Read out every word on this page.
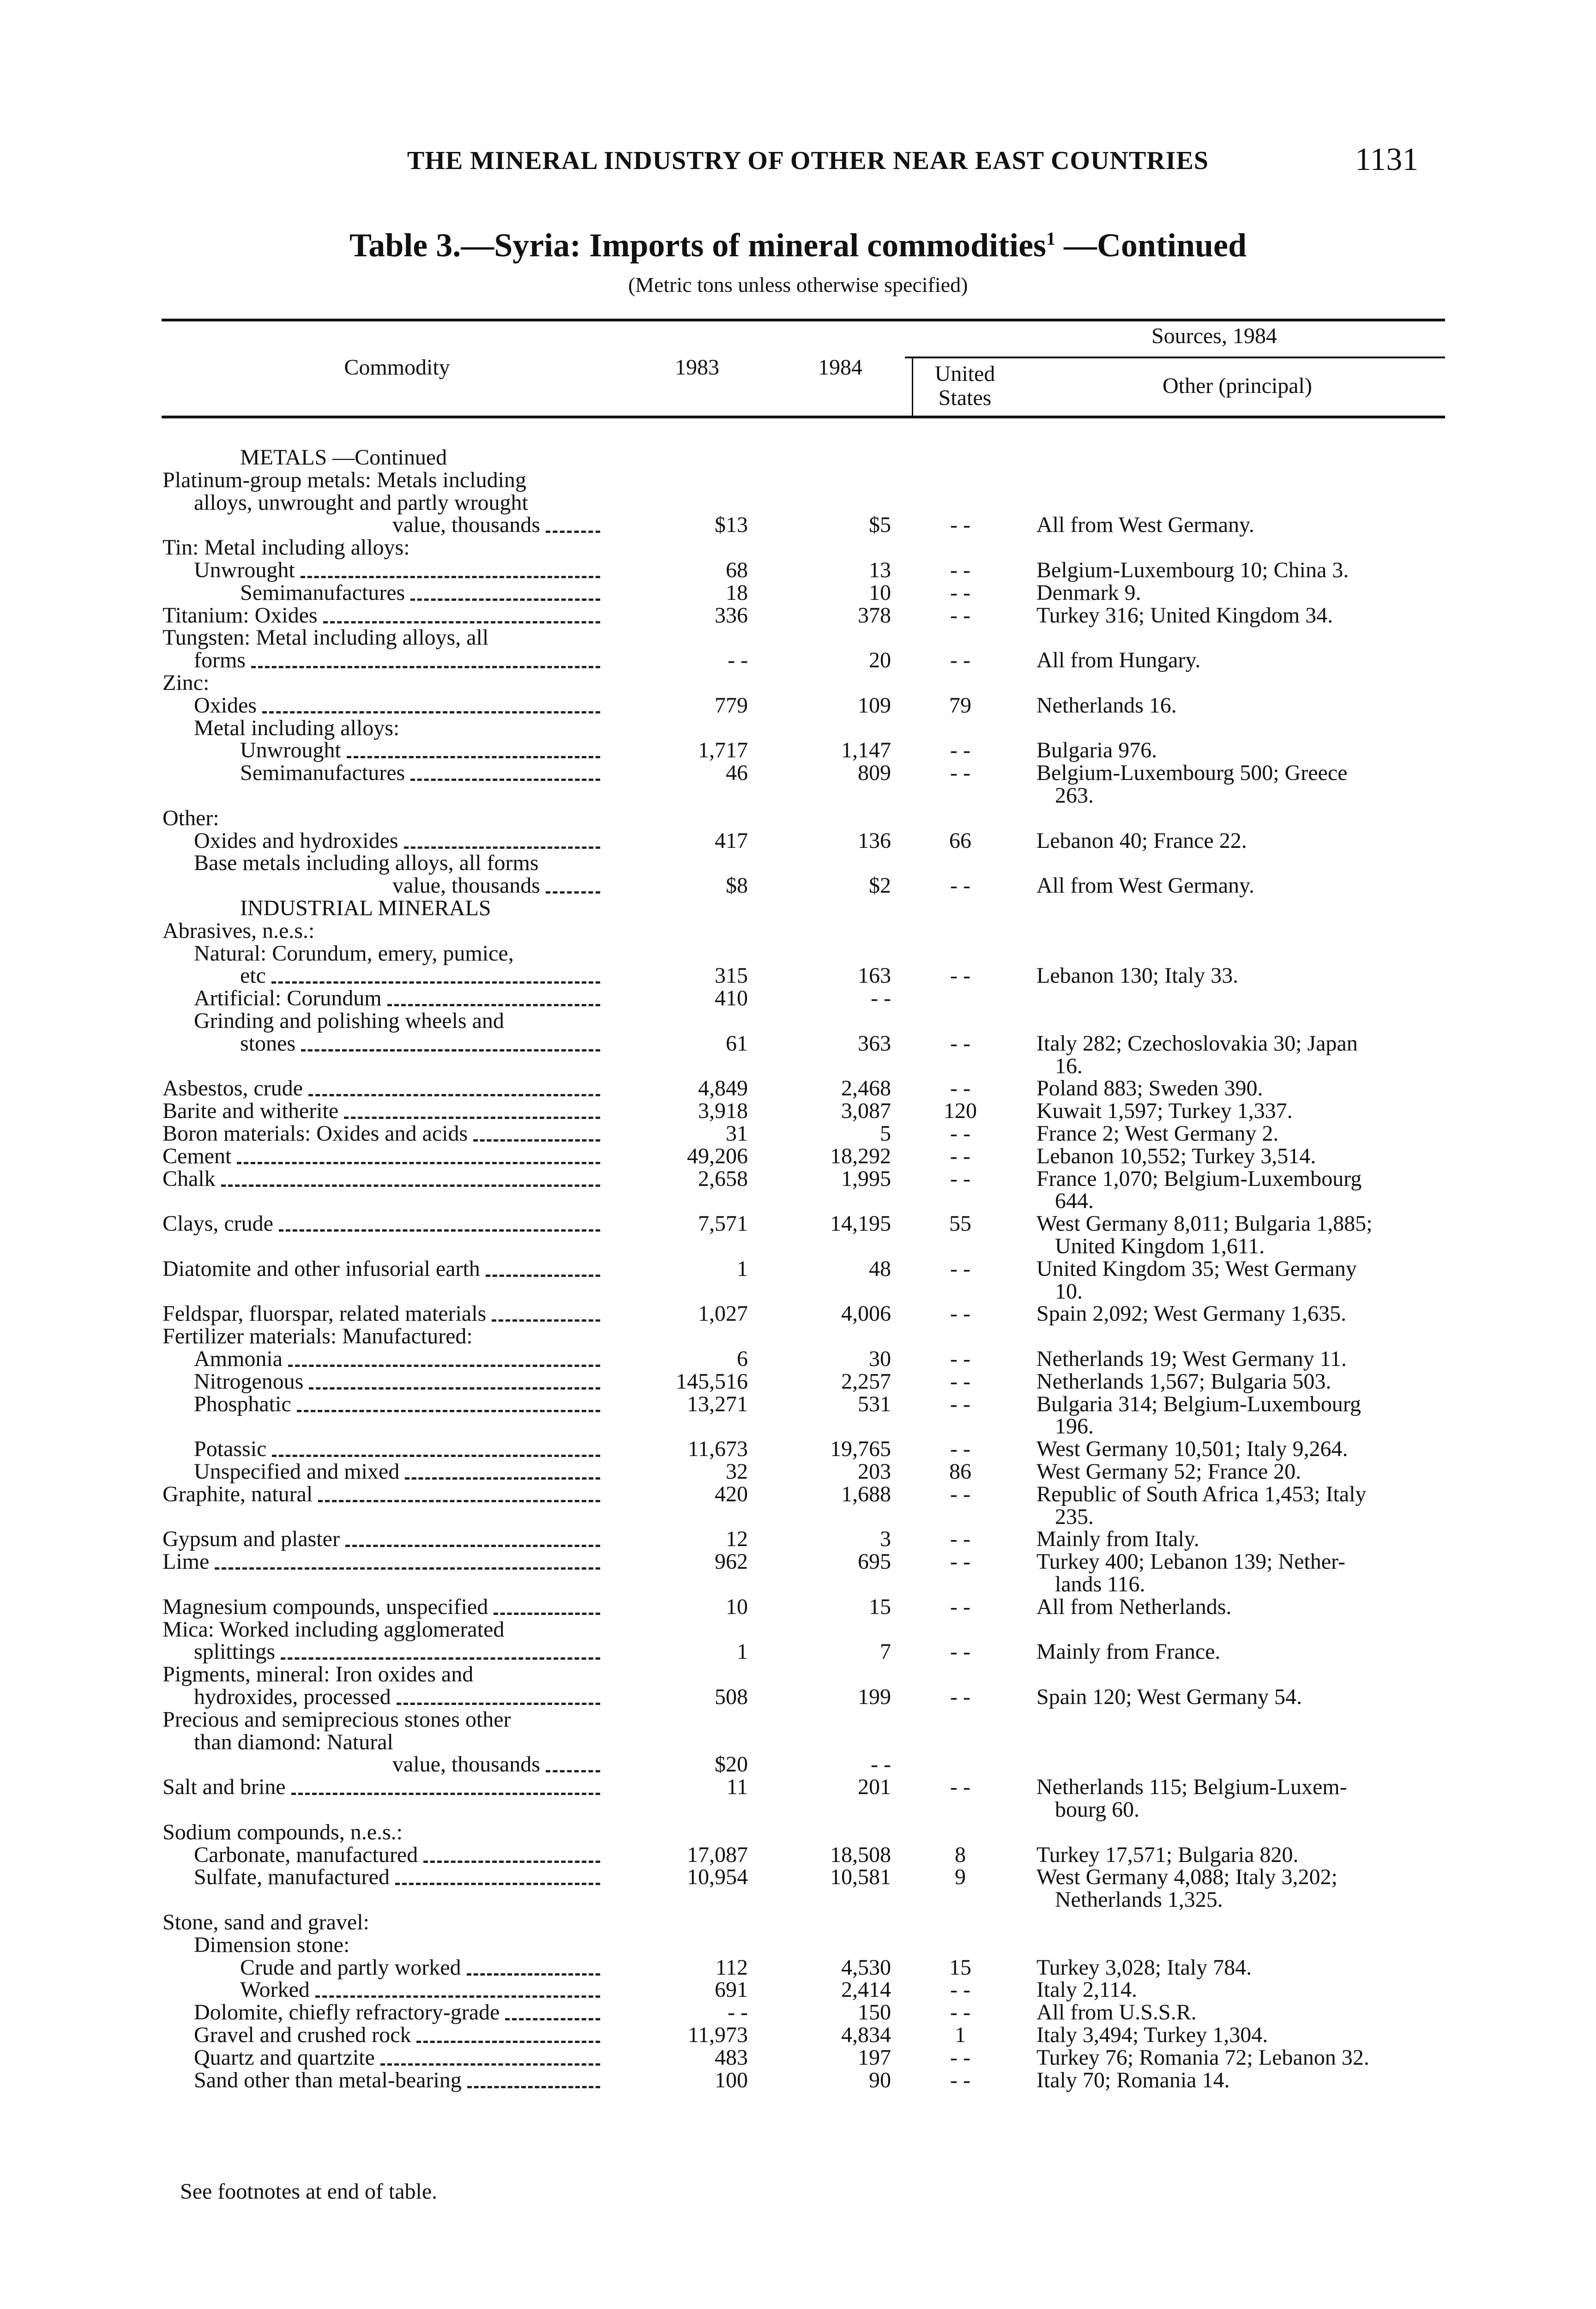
THE MINERAL INDUSTRY OF OTHER NEAR EAST COUNTRIES	1131
Table 3.—Syria: Imports of mineral commodities$^1$ —Continued
(Metric tons unless otherwise specified)
Commodity	1983	1984
Sources, 1984
United
States	Other (principal)
METALS —Continued
Platinum-group metals: Metals including
alloys, unwrought and partly wrought
value, thousands	$13	$5	- -	All from West Germany.
Tin: Metal including alloys:
Unwrought	68	13	- -	Belgium-Luxembourg 10; China 3.
Semimanufactures	18	10	- -	Denmark 9.
Titanium: Oxides	336	378	- -	Turkey 316; United Kingdom 34.
Tungsten: Metal including alloys, all
forms	- -	20	- -	All from Hungary.
Zinc:
Oxides	779	109	79	Netherlands 16.
Metal including alloys:
Unwrought	1,717	1,147	- -	Bulgaria 976.
Semimanufactures	46	809	- -	Belgium-Luxembourg 500; Greece
263.
Other:
Oxides and hydroxides	417	136	66	Lebanon 40; France 22.
Base metals including alloys, all forms
value, thousands	$8	$2	- -	All from West Germany.
INDUSTRIAL MINERALS
Abrasives, n.e.s.:
Natural: Corundum, emery, pumice,
etc	315	163	- -	Lebanon 130; Italy 33.
Artificial: Corundum	410	- -
Grinding and polishing wheels and
stones	61	363	- -	Italy 282; Czechoslovakia 30; Japan
16.
Asbestos, crude	4,849	2,468	- -	Poland 883; Sweden 390.
Barite and witherite	3,918	3,087	120	Kuwait 1,597; Turkey 1,337.
Boron materials: Oxides and acids	31	5	- -	France 2; West Germany 2.
Cement	49,206	18,292	- -	Lebanon 10,552; Turkey 3,514.
Chalk	2,658	1,995	- -	France 1,070; Belgium-Luxembourg
644.
Clays, crude	7,571	14,195	55	West Germany 8,011; Bulgaria 1,885;
United Kingdom 1,611.
Diatomite and other infusorial earth	1	48	- -	United Kingdom 35; West Germany
10.
Feldspar, fluorspar, related materials	1,027	4,006	- -	Spain 2,092; West Germany 1,635.
Fertilizer materials: Manufactured:
Ammonia	6	30	- -	Netherlands 19; West Germany 11.
Nitrogenous	145,516	2,257	- -	Netherlands 1,567; Bulgaria 503.
Phosphatic	13,271	531	- -	Bulgaria 314; Belgium-Luxembourg
196.
Potassic	11,673	19,765	- -	West Germany 10,501; Italy 9,264.
Unspecified and mixed	32	203	86	West Germany 52; France 20.
Graphite, natural	420	1,688	- -	Republic of South Africa 1,453; Italy
235.
Gypsum and plaster	12	3	- -	Mainly from Italy.
Lime	962	695	- -	Turkey 400; Lebanon 139; Nether-
lands 116.
Magnesium compounds, unspecified	10	15	- -	All from Netherlands.
Mica: Worked including agglomerated
splittings	1	7	- -	Mainly from France.
Pigments, mineral: Iron oxides and
hydroxides, processed	508	199	- -	Spain 120; West Germany 54.
Precious and semiprecious stones other
than diamond: Natural
value, thousands	$20	- -
Salt and brine	11	201	- -	Netherlands 115; Belgium-Luxem-
bourg 60.
Sodium compounds, n.e.s.:
Carbonate, manufactured	17,087	18,508	8	Turkey 17,571; Bulgaria 820.
Sulfate, manufactured	10,954	10,581	9	West Germany 4,088; Italy 3,202;
Netherlands 1,325.
Stone, sand and gravel:
Dimension stone:
Crude and partly worked	112	4,530	15	Turkey 3,028; Italy 784.
Worked	691	2,414	- -	Italy 2,114.
Dolomite, chiefly refractory-grade	- -	150	- -	All from U.S.S.R.
Gravel and crushed rock	11,973	4,834	1	Italy 3,494; Turkey 1,304.
Quartz and quartzite	483	197	- -	Turkey 76; Romania 72; Lebanon 32.
Sand other than metal-bearing	100	90	- -	Italy 70; Romania 14.
See footnotes at end of table.
